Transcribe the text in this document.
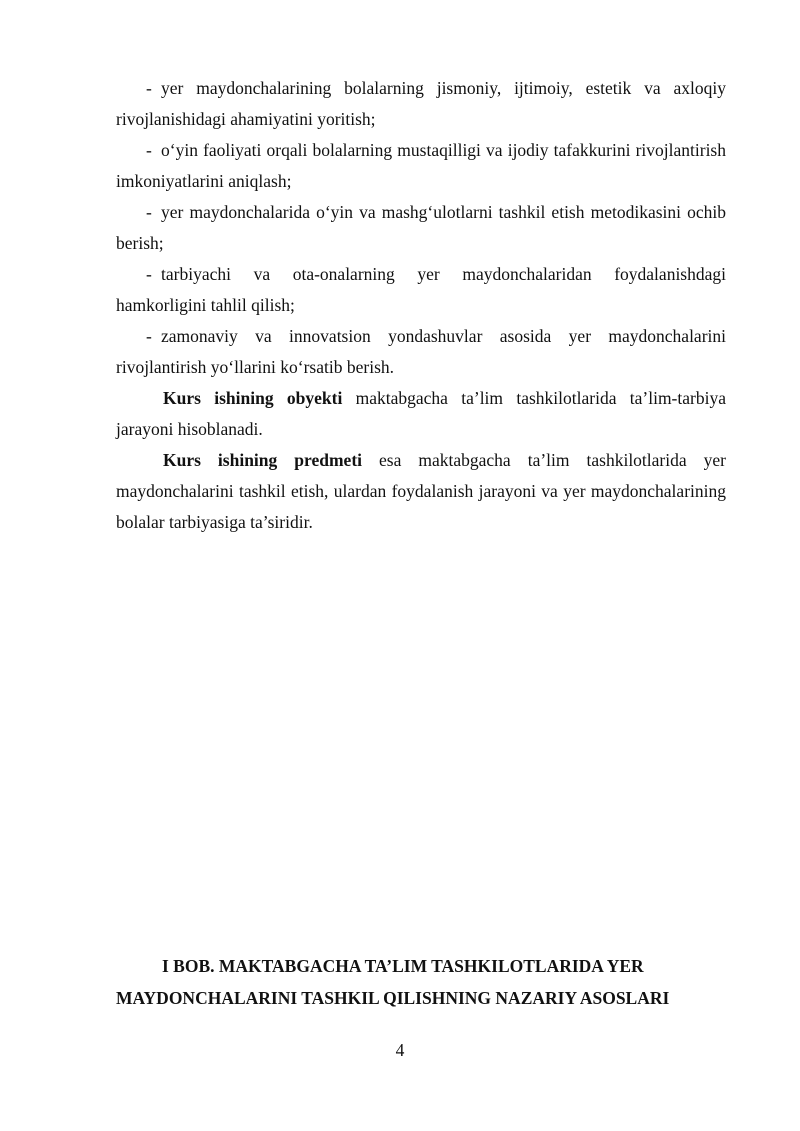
- yer maydonchalarining bolalarning jismoniy, ijtimoiy, estetik va axloqiy rivojlanishidagi ahamiyatini yoritish;

- o‘yin faoliyati orqali bolalarning mustaqilligi va ijodiy tafakkurini rivojlantirish imkoniyatlarini aniqlash;

- yer maydonchalarida o‘yin va mashg‘ulotlarni tashkil etish metodikasini ochib berish;

- tarbiyachi va ota-onalarning yer maydonchalaridan foydalanishdagi hamkorligini tahlil qilish;

- zamonaviy va innovatsion yondashuvlar asosida yer maydonchalarini rivojlantirish yo‘llarini ko‘rsatib berish.

Kurs ishining obyekti maktabgacha ta’lim tashkilotlarida ta’lim-tarbiya jarayoni hisoblanadi.

Kurs ishining predmeti esa maktabgacha ta’lim tashkilotlarida yer maydonchalarini tashkil etish, ulardan foydalanish jarayoni va yer maydonchalarining bolalar tarbiyasiga ta’siridir.

I BOB. MAKTABGACHA TA’LIM TASHKILOTLARIDA YER

MAYDONCHALARINI TASHKIL QILISHNING NAZARIY ASOSLARI

4
